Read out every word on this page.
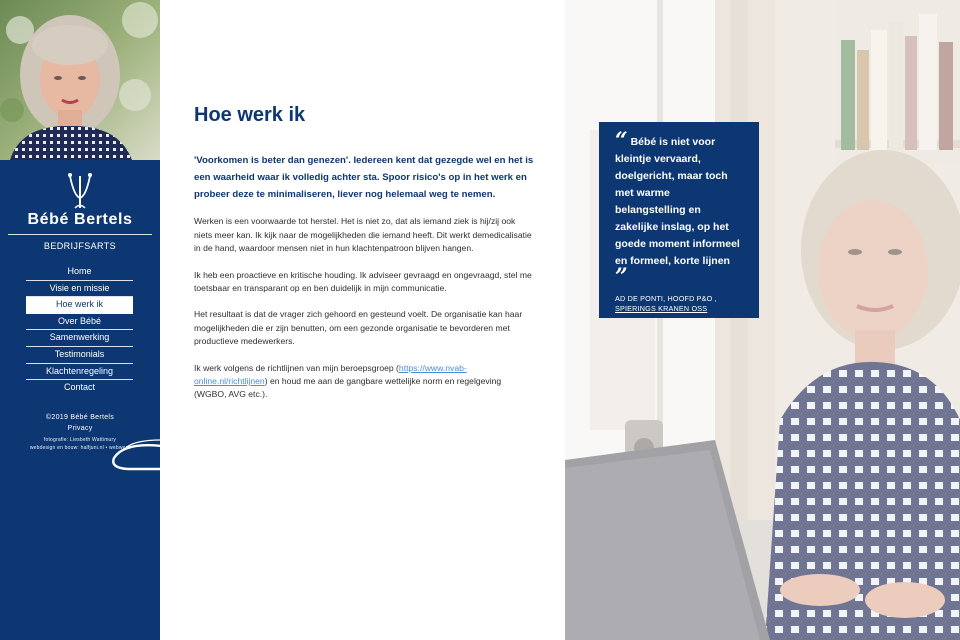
Bébé Bertels
BEDRIJFSARTS
Home
Visie en missie
Hoe werk ik
Over Bébé
Samenwerking
Testimonials
Klachtenregeling
Contact
©2019 Bébé Bertels
Privacy
fotografie: Liesbeth Wattimury
webdesign en bouw: halfjuni.nl • webwerk
Hoe werk ik

'Voorkomen is beter dan genezen'. Iedereen kent dat gezegde wel en het is een waarheid waar ik volledig achter sta. Spoor risico's op in het werk en probeer deze te minimaliseren, liever nog helemaal weg te nemen.

Werken is een voorwaarde tot herstel. Het is niet zo, dat als iemand ziek is hij/zij ook niets meer kan. Ik kijk naar de mogelijkheden die iemand heeft. Dit werkt demedicalisatie in de hand, waardoor mensen niet in hun klachtenpatroon blijven hangen.

Ik heb een proactieve en kritische houding. Ik adviseer gevraagd en ongevraagd, stel me toetsbaar en transparant op en ben duidelijk in mijn communicatie.

Het resultaat is dat de vrager zich gehoord en gesteund voelt. De organisatie kan haar mogelijkheden die er zijn benutten, om een gezonde organisatie te bevorderen met productieve medewerkers.

Ik werk volgens de richtlijnen van mijn beroepsgroep (https://www.nvab-online.nl/richtlijnen) en houd me aan de gangbare wettelijke norm en regelgeving (WGBO, AVG etc.).

“ Bébé is niet voor kleintje vervaard, doelgericht, maar toch met warme belangstelling en zakelijke inslag, op het goede moment informeel en formeel, korte lijnen ”
AD DE PONTI, HOOFD P&O , SPIERINGS KRANEN OSS
